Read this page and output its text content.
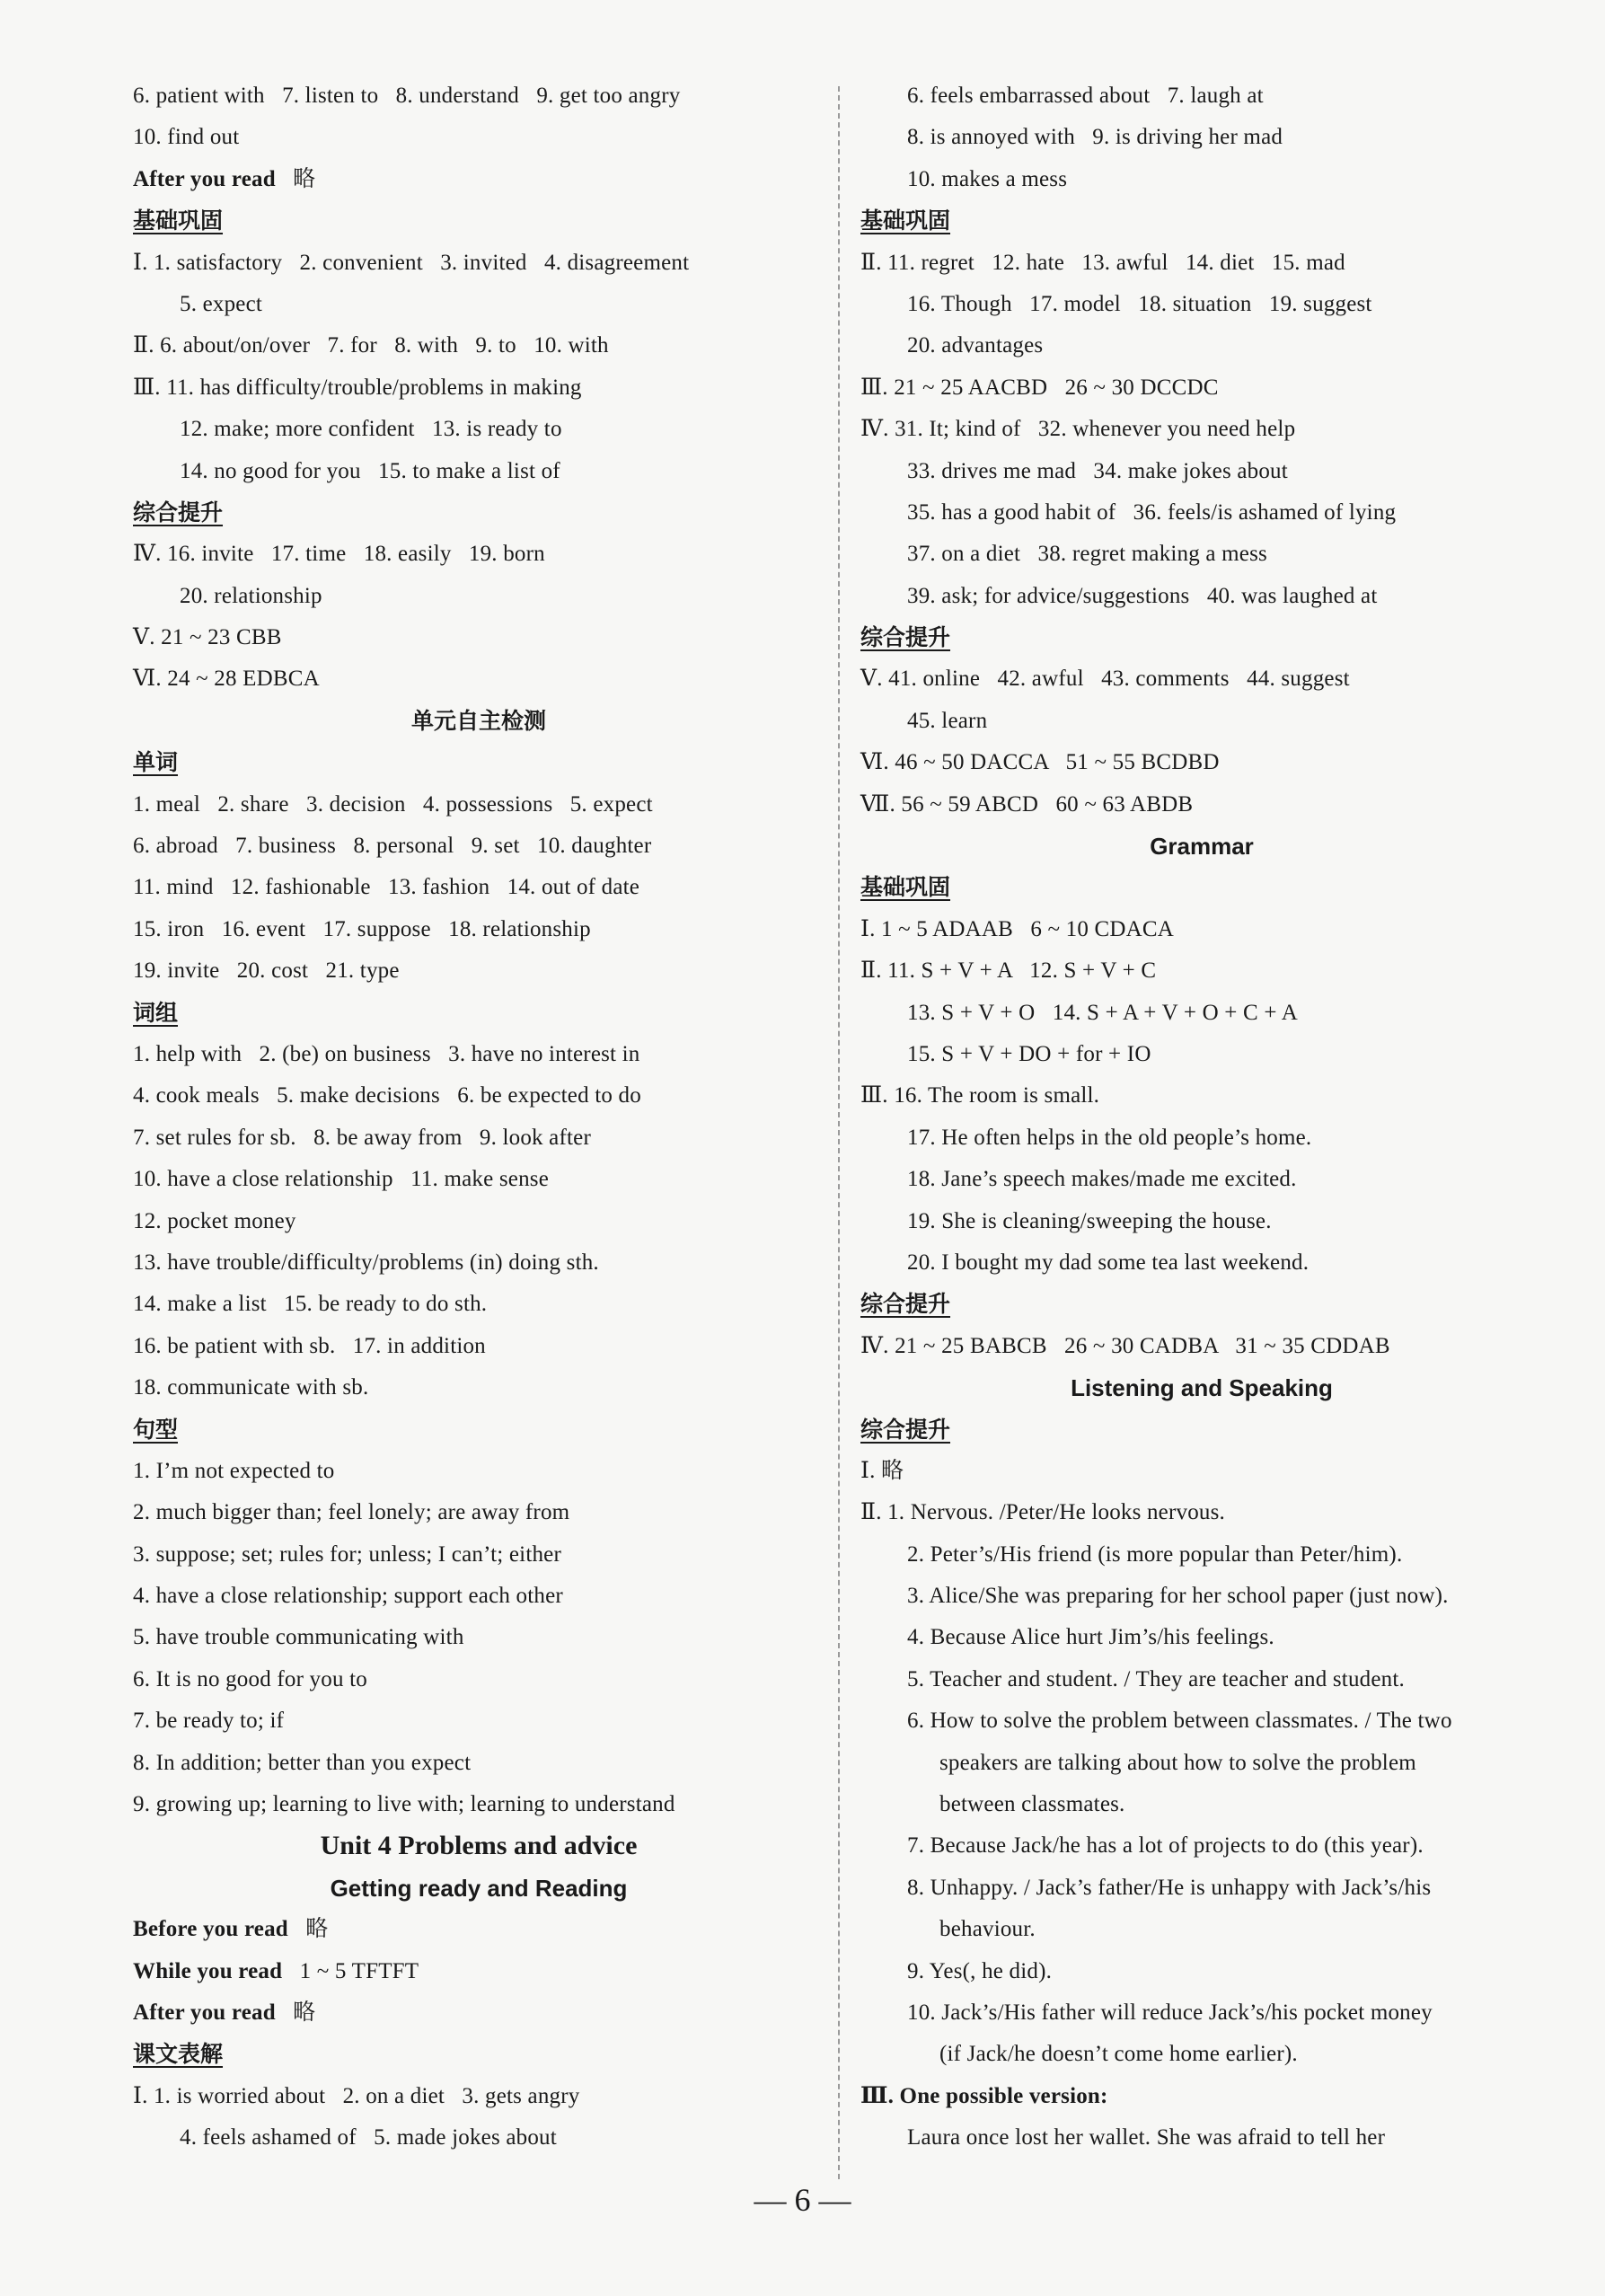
6. patient with   7. listen to   8. understand   9. get too angry
10. find out
After you read 略
基础巩固
Ⅰ. 1. satisfactory   2. convenient   3. invited   4. disagreement
5. expect
Ⅱ. 6. about/on/over   7. for   8. with   9. to   10. with
Ⅲ. 11. has difficulty/trouble/problems in making
12. make; more confident   13. is ready to
14. no good for you   15. to make a list of
综合提升
Ⅳ. 16. invite   17. time   18. easily   19. born
20. relationship
Ⅴ. 21 ~ 23 CBB
Ⅵ. 24 ~ 28 EDBCA
单元自主检测
单词
1. meal   2. share   3. decision   4. possessions   5. expect
6. abroad   7. business   8. personal   9. set   10. daughter
11. mind   12. fashionable   13. fashion   14. out of date
15. iron   16. event   17. suppose   18. relationship
19. invite   20. cost   21. type
词组
1. help with   2. (be) on business   3. have no interest in
4. cook meals   5. make decisions   6. be expected to do
7. set rules for sb.   8. be away from   9. look after
10. have a close relationship   11. make sense
12. pocket money
13. have trouble/difficulty/problems (in) doing sth.
14. make a list   15. be ready to do sth.
16. be patient with sb.   17. in addition
18. communicate with sb.
句型
1. I’m not expected to
2. much bigger than; feel lonely; are away from
3. suppose; set; rules for; unless; I can’t; either
4. have a close relationship; support each other
5. have trouble communicating with
6. It is no good for you to
7. be ready to; if
8. In addition; better than you expect
9. growing up; learning to live with; learning to understand
Unit 4 Problems and advice
Getting ready and Reading
Before you read 略
While you read 1 ~ 5 TFTFT
After you read 略
课文表解
Ⅰ. 1. is worried about   2. on a diet   3. gets angry
4. feels ashamed of   5. made jokes about
6. feels embarrassed about   7. laugh at
8. is annoyed with   9. is driving her mad
10. makes a mess
基础巩固
Ⅱ. 11. regret   12. hate   13. awful   14. diet   15. mad
16. Though   17. model   18. situation   19. suggest
20. advantages
Ⅲ. 21 ~ 25 AACBD   26 ~ 30 DCCDC
Ⅳ. 31. It; kind of   32. whenever you need help
33. drives me mad   34. make jokes about
35. has a good habit of   36. feels/is ashamed of lying
37. on a diet   38. regret making a mess
39. ask; for advice/suggestions   40. was laughed at
综合提升
Ⅴ. 41. online   42. awful   43. comments   44. suggest
45. learn
Ⅵ. 46 ~ 50 DACCA   51 ~ 55 BCDBD
Ⅶ. 56 ~ 59 ABCD   60 ~ 63 ABDB
Grammar
基础巩固
Ⅰ. 1 ~ 5 ADAAB   6 ~ 10 CDACA
Ⅱ. 11. S + V + A   12. S + V + C
13. S + V + O   14. S + A + V + O + C + A
15. S + V + DO + for + IO
Ⅲ. 16. The room is small.
17. He often helps in the old people’s home.
18. Jane’s speech makes/made me excited.
19. She is cleaning/sweeping the house.
20. I bought my dad some tea last weekend.
综合提升
Ⅳ. 21 ~ 25 BABCB   26 ~ 30 CADBA   31 ~ 35 CDDAB
Listening and Speaking
综合提升
Ⅰ. 略
Ⅱ. 1. Nervous. /Peter/He looks nervous.
2. Peter’s/His friend (is more popular than Peter/him).
3. Alice/She was preparing for her school paper (just now).
4. Because Alice hurt Jim’s/his feelings.
5. Teacher and student. / They are teacher and student.
6. How to solve the problem between classmates. / The two
speakers are talking about how to solve the problem
between classmates.
7. Because Jack/he has a lot of projects to do (this year).
8. Unhappy. / Jack’s father/He is unhappy with Jack’s/his
behaviour.
9. Yes(, he did).
10. Jack’s/His father will reduce Jack’s/his pocket money
(if Jack/he doesn’t come home earlier).
Ⅲ. One possible version:
Laura once lost her wallet. She was afraid to tell her
— 6 —
